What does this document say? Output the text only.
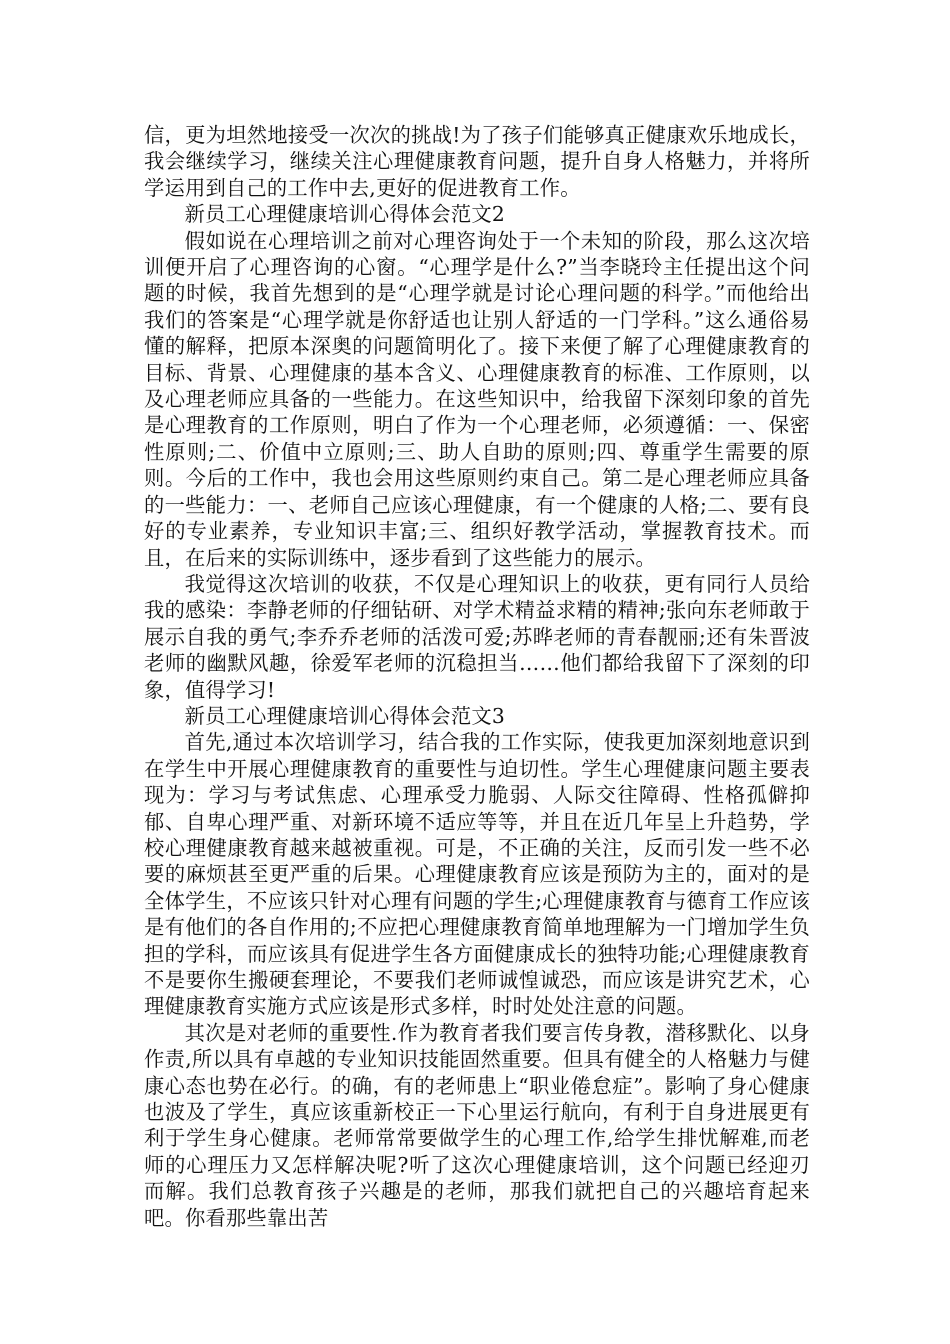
信，更为坦然地接受一次次的挑战!为了孩子们能够真正健康欢乐地成长，我会继续学习，继续关注心理健康教育问题，提升自身人格魅力，并将所学运用到自己的工作中去,更好的促进教育工作。

新员工心理健康培训心得体会范文2

假如说在心理培训之前对心理咨询处于一个未知的阶段，那么这次培训便开启了心理咨询的心窗。“心理学是什么?”当李晓玲主任提出这个问题的时候，我首先想到的是“心理学就是讨论心理问题的科学。”而他给出我们的答案是“心理学就是你舒适也让别人舒适的一门学科。”这么通俗易懂的解释，把原本深奥的问题简明化了。接下来便了解了心理健康教育的目标、背景、心理健康的基本含义、心理健康教育的标准、工作原则，以及心理老师应具备的一些能力。在这些知识中，给我留下深刻印象的首先是心理教育的工作原则，明白了作为一个心理老师，必须遵循：一、保密性原则;二、价值中立原则;三、助人自助的原则;四、尊重学生需要的原则。今后的工作中，我也会用这些原则约束自己。第二是心理老师应具备的一些能力：一、老师自己应该心理健康，有一个健康的人格;二、要有良好的专业素养，专业知识丰富;三、组织好教学活动，掌握教育技术。而且，在后来的实际训练中，逐步看到了这些能力的展示。

我觉得这次培训的收获，不仅是心理知识上的收获，更有同行人员给我的感染：李静老师的仔细钻研、对学术精益求精的精神;张向东老师敢于展示自我的勇气;李乔乔老师的活泼可爱;苏晔老师的青春靓丽;还有朱晋波老师的幽默风趣，徐爱军老师的沉稳担当……他们都给我留下了深刻的印象，值得学习!

新员工心理健康培训心得体会范文3

首先,通过本次培训学习，结合我的工作实际，使我更加深刻地意识到在学生中开展心理健康教育的重要性与迫切性。学生心理健康问题主要表现为：学习与考试焦虑、心理承受力脆弱、人际交往障碍、性格孤僻抑郁、自卑心理严重、对新环境不适应等等，并且在近几年呈上升趋势，学校心理健康教育越来越被重视。可是，不正确的关注，反而引发一些不必要的麻烦甚至更严重的后果。心理健康教育应该是预防为主的，面对的是全体学生，不应该只针对心理有问题的学生;心理健康教育与德育工作应该是有他们的各自作用的;不应把心理健康教育简单地理解为一门增加学生负担的学科，而应该具有促进学生各方面健康成长的独特功能;心理健康教育不是要你生搬硬套理论，不要我们老师诚惶诚恐，而应该是讲究艺术，心理健康教育实施方式应该是形式多样，时时处处注意的问题。

其次是对老师的重要性.作为教育者我们要言传身教，潜移默化、以身作责,所以具有卓越的专业知识技能固然重要。但具有健全的人格魅力与健康心态也势在必行。的确，有的老师患上“职业倦怠症”。影响了身心健康也波及了学生，真应该重新校正一下心里运行航向，有利于自身进展更有利于学生身心健康。老师常常要做学生的心理工作,给学生排忧解难,而老师的心理压力又怎样解决呢?听了这次心理健康培训，这个问题已经迎刃而解。我们总教育孩子兴趣是的老师，那我们就把自己的兴趣培育起来吧。你看那些靠出苦
